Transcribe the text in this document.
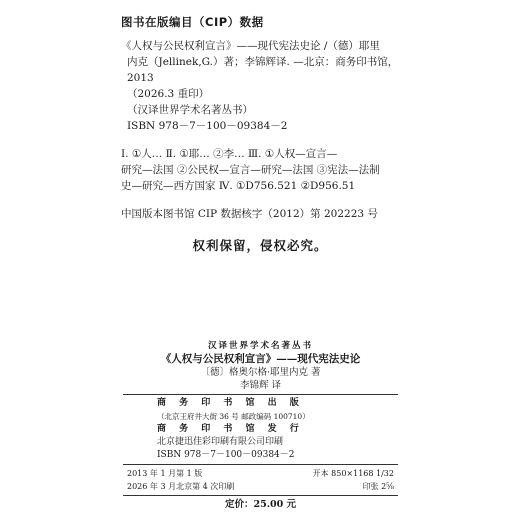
图书在版编目（CIP）数据
《人权与公民权利宣言》——现代宪法史论 /（德）耶里
内克（Jellinek,G.）著；李锦辉译. —北京：商务印书馆，2013
（2026.3 重印）
（汉译世界学术名著丛书）
ISBN 978－7－100－09384－2
Ⅰ. ①人… Ⅱ. ①耶… ②李… Ⅲ. ①人权—宣言—
研究—法国 ②公民权—宣言—研究—法国 ③宪法—法制
史—研究—西方国家 Ⅳ. ①D756.521 ②D956.51
中国版本图书馆 CIP 数据核字（2012）第 202223 号
权利保留，侵权必究。
汉译世界学术名著丛书
《人权与公民权利宣言》——现代宪法史论
〔德〕格奥尔格·耶里内克 著
李锦辉 译
商 务 印 书 馆 出 版
（北京王府井大街 36 号 邮政编码 100710）
商 务 印 书 馆 发 行
北京捷迅佳彩印刷有限公司印刷
ISBN 978－7－100－09384－2
2013 年 1 月第 1 版	开本 850×1168 1/32
2026 年 3 月北京第 4 次印刷	印张 2⅝
定价：25.00 元
